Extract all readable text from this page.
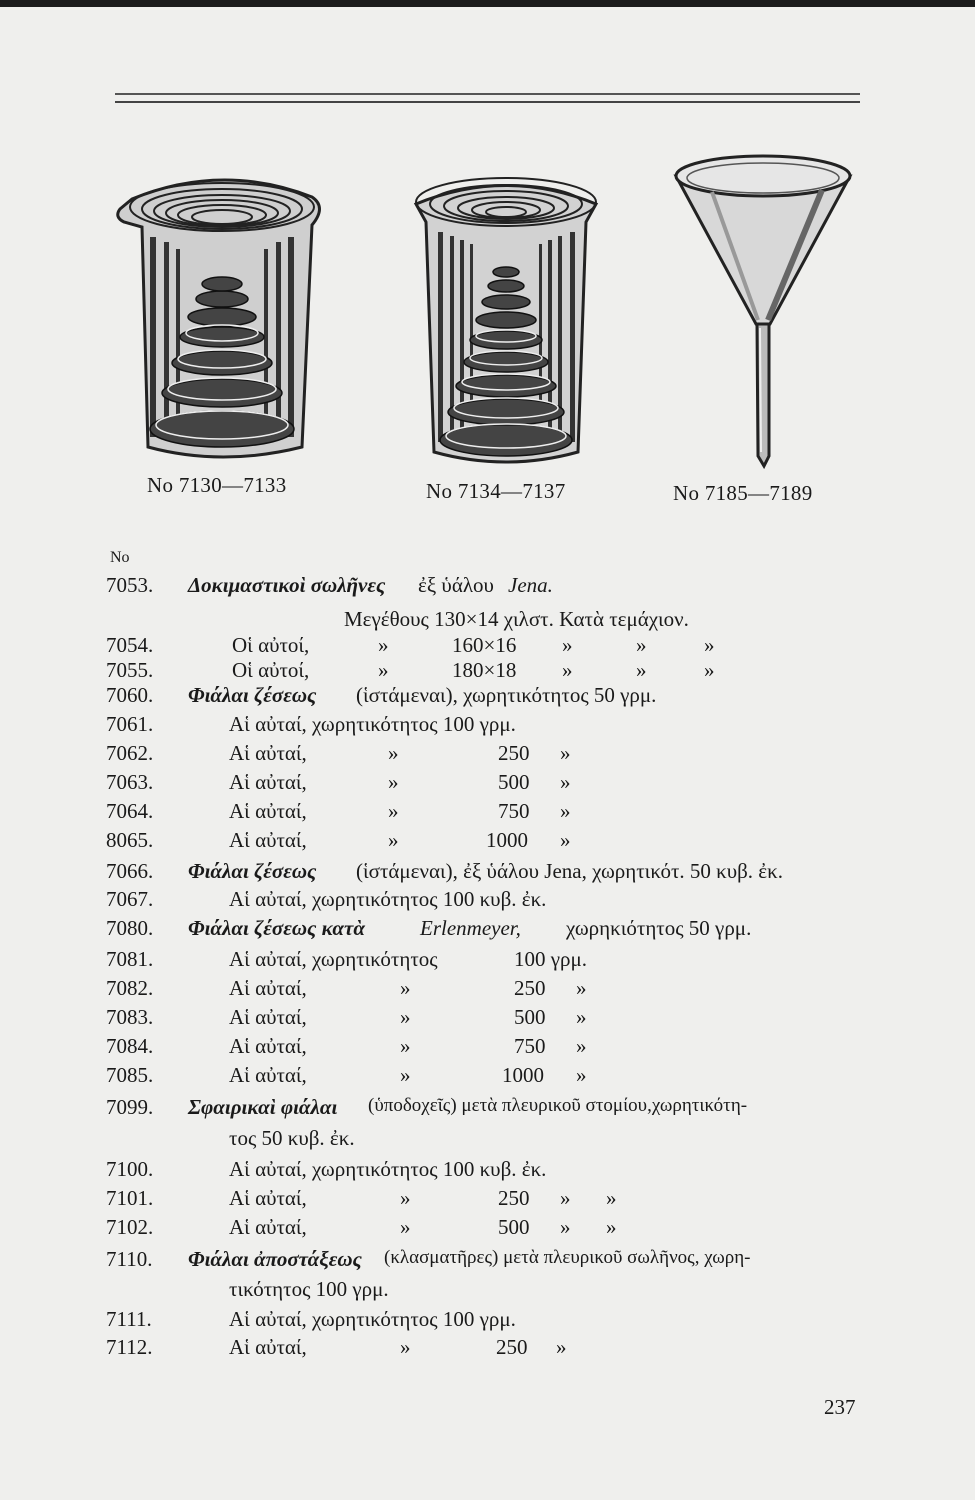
No 7130—7133	No 7134—7137	No 7185—7189
No
7053. Δοκιμαστικοὶ σωλῆνες ἐξ ὑάλου Jena.
Μεγέθους 130×14 χιλστ. Κατὰ τεμάχιον.
7054.	Οἱ αὐτοί,	»	160×16 »	»	»
7055.	Οἱ αὐτοί,	»	180×18 »	»	»
7060. Φιάλαι ζέσεως (ἱστάμεναι), χωρητικότητος 50 γρμ.
7061.	Αἱ αὐταί, χωρητικότητος 100 γρμ.
7062.	Αἱ αὐταί,	»	250 »
7063.	Αἱ αὐταί,	»	500 »
7064.	Αἱ αὐταί,	»	750 »
8065.	Αἱ αὐταί,	»	1000 »
7066. Φιάλαι ζέσεως (ἱστάμεναι), ἐξ ὑάλου Jena, χωρητικότ. 50 κυβ. ἐκ.
7067.	Αἱ αὐταί, χωρητικότητος 100 κυβ. ἐκ.
7080. Φιάλαι ζέσεως κατὰ	Erlenmeyer, χωρηκιότητος 50 γρμ.
7081.	Αἱ αὐταί, χωρητικότητος	100 γρμ.
7082.	Αἱ αὐταί,	»	250 »
7083.	Αἱ αὐταί,	»	500 »
7084.	Αἱ αὐταί,	»	750 »
7085.	Αἱ αὐταί,	»	1000 »
7099. Σφαιρικαὶ φιάλαι (ὑποδοχεῖς) μετὰ πλευρικοῦ στομίου,χωρητικότη-
τος 50 κυβ. ἐκ.
7100.	Αἱ αὐταί, χωρητικότητος 100 κυβ. ἐκ.
7101.	Αἱ αὐταί,	»	250 » »
7102.	Αἱ αὐταί,	»	500 » »
7110. Φιάλαι ἀποστάξεως (κλασματῆρες) μετὰ πλευρικοῦ σωλῆνος, χωρη-
τικότητος 100 γρμ.
7111.	Αἱ αὐταί, χωρητικότητος 100 γρμ.
7112.	Αἱ αὐταί,	»	250 »
237
